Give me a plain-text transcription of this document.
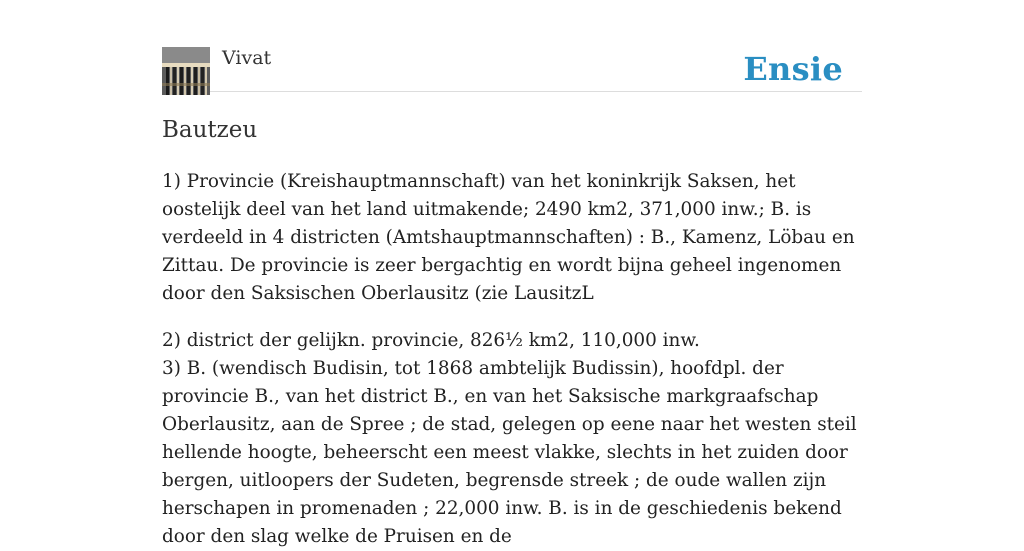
Vivat	Ensie
Bautzeu

1) Provincie (Kreishauptmannschaft) van het koninkrijk Saksen, het oostelijk deel van het land uitmakende; 2490 km2, 371,000 inw.; B. is verdeeld in 4 districten (Amtshauptmannschaften) : B., Kamenz, Löbau en Zittau. De provincie is zeer bergachtig en wordt bijna geheel ingenomen door den Saksischen Oberlausitz (zie LausitzL

2) district der gelijkn. provincie, 826½ km2, 110,000 inw.

3) B. (wendisch Budisin, tot 1868 ambtelijk Budissin), hoofdpl. der provincie B., van het district B., en van het Saksische markgraafschap Oberlausitz, aan de Spree ; de stad, gelegen op eene naar het westen steil hellende hoogte, beheerscht een meest vlakke, slechts in het zuiden door bergen, uitloopers der Sudeten, begrensde streek ; de oude wallen zijn herschapen in promenaden ; 22,000 inw. B. is in de geschiedenis bekend door den slag welke de Pruisen en de
